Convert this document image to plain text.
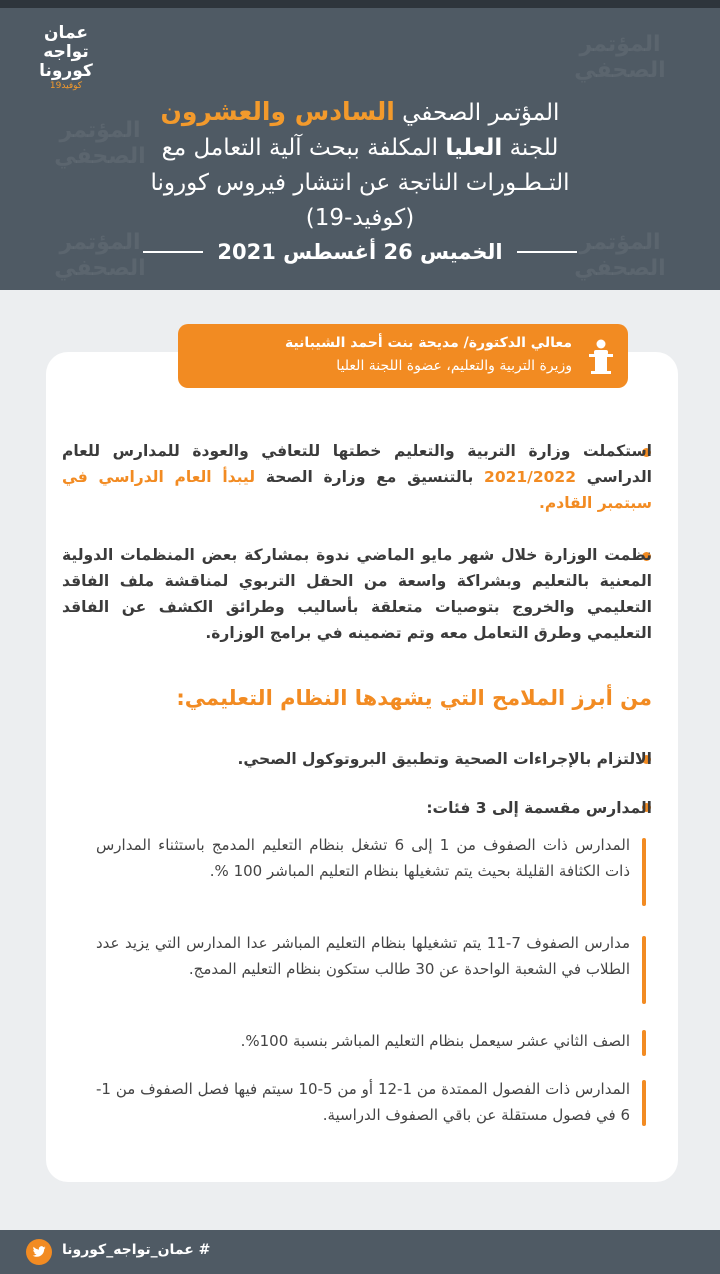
المؤتمر
الصحفي
المؤتمر
الصحفي
المؤتمر
الصحفي
المؤتمر
الصحفي
عمان
تواجه
كورونا
كوفيد19
المؤتمر الصحفي السادس والعشرون
للجنة العليا المكلفة ببحث آلية التعامل مع
التـطـورات الناتجة عن انتشار فيروس كورونا
(كوفيد-19)
الخميس 26 أغسطس 2021
معالي الدكتورة/ مديحة بنت أحمد الشيبانية
وزيرة التربية والتعليم، عضوة اللجنة العليا
استكملت وزارة التربية والتعليم خطتها للتعافي والعودة للمدارس للعام الدراسي 2021/2022 بالتنسيق مع وزارة الصحة ليبدأ العام الدراسي في سبتمبر القادم.
نظمت الوزارة خلال شهر مايو الماضي ندوة بمشاركة بعض المنظمات الدولية المعنية بالتعليم وبشراكة واسعة من الحقل التربوي لمناقشة ملف الفاقد التعليمي والخروج بتوصيات متعلقة بأساليب وطرائق الكشف عن الفاقد التعليمي وطرق التعامل معه وتم تضمينه في برامج الوزارة.
من أبرز الملامح التي يشهدها النظام التعليمي:
الالتزام بالإجراءات الصحية وتطبيق البروتوكول الصحي.
المدارس مقسمة إلى 3 فئات:
المدارس ذات الصفوف من 1 إلى 6 تشغل بنظام التعليم المدمج باستثناء المدارس ذات الكثافة القليلة بحيث يتم تشغيلها بنظام التعليم المباشر 100 %.
مدارس الصفوف 7-11 يتم تشغيلها بنظام التعليم المباشر عدا المدارس التي يزيد عدد الطلاب في الشعبة الواحدة عن 30 طالب ستكون بنظام التعليم المدمج.
الصف الثاني عشر سيعمل بنظام التعليم المباشر بنسبة 100%.
المدارس ذات الفصول الممتدة من 1-12 أو من 5-10 سيتم فيها فصل الصفوف من 1-6 في فصول مستقلة عن باقي الصفوف الدراسية.
# عمان_تواجه_كورونا
